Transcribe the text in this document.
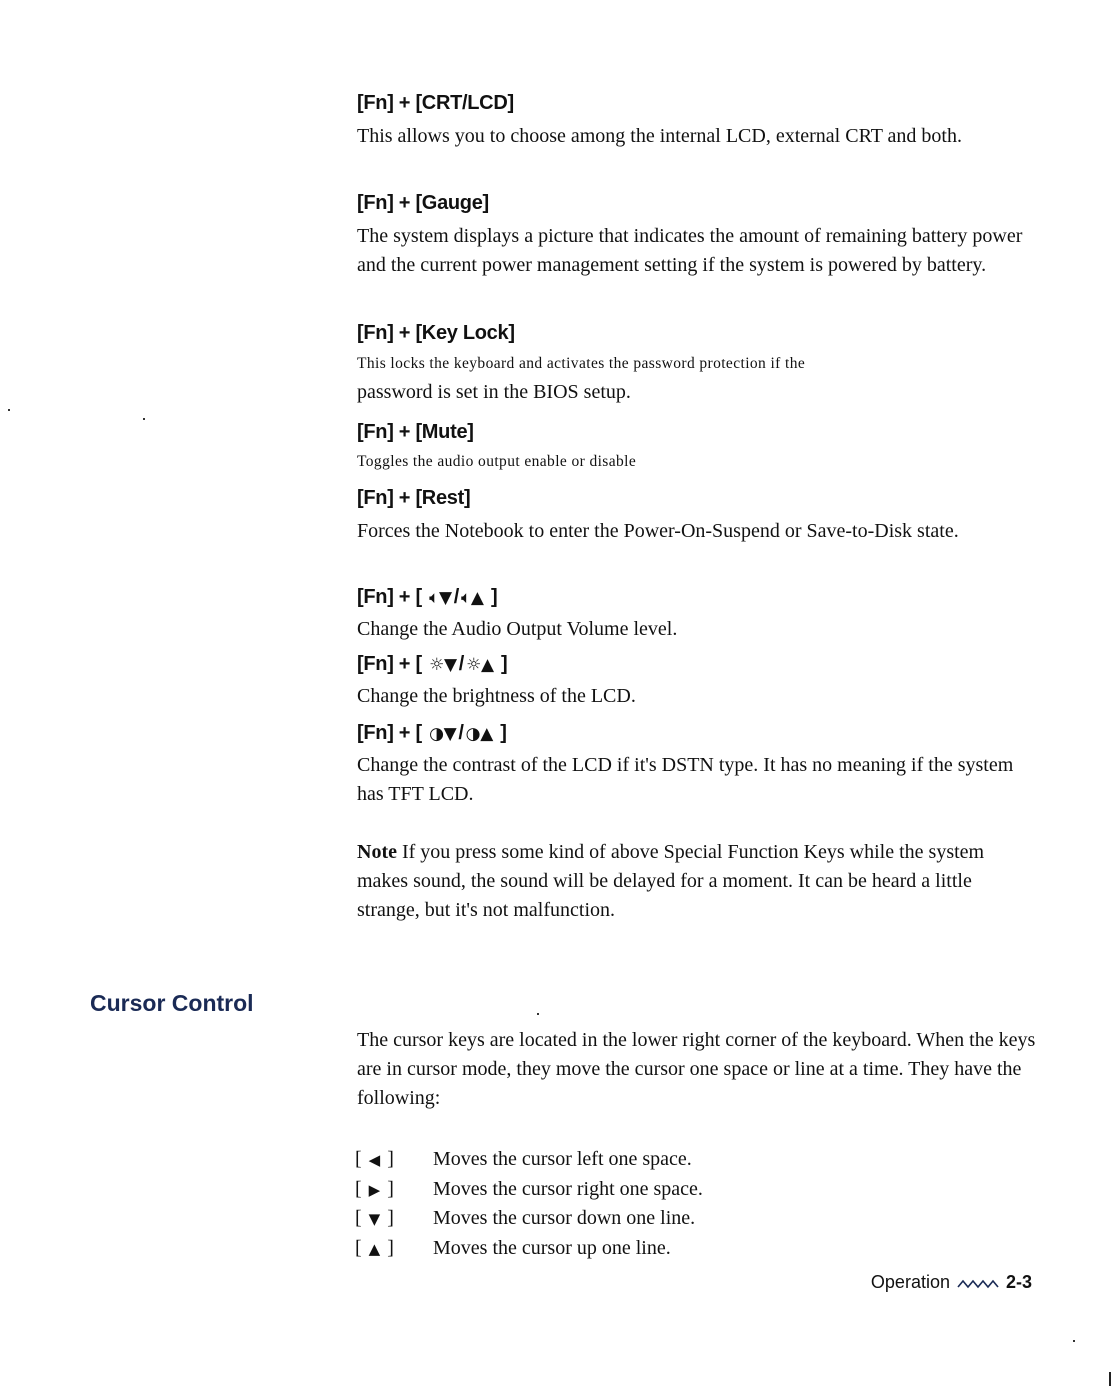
[Fn] + [CRT/LCD]
This allows you to choose among the internal LCD, external CRT and both.
[Fn] + [Gauge]
The system displays a picture that indicates the amount of remaining battery power and the current power management setting if the system is powered by battery.
[Fn] + [Key Lock]
This locks the keyboard and activates the password protection if the
password is set in the BIOS setup.
[Fn] + [Mute]
Toggles the audio output enable or disable
[Fn] + [Rest]
Forces the Notebook to enter the Power-On-Suspend or Save-to-Disk state.
[Fn] + [ 🔈︎▼ / 🔈︎▲ ]
Change the Audio Output Volume level.
[Fn] + [ ☼▼ / ☼▲ ]
Change the brightness of the LCD.
[Fn] + [ ◑▼ / ◑▲ ]
Change the contrast of the LCD if it's DSTN type. It has no meaning if the system has TFT LCD.
Note If you press some kind of above Special Function Keys while the system makes sound, the sound will be delayed for a moment. It can be heard a little strange, but it's not malfunction.
Cursor Control
The cursor keys are located in the lower right corner of the keyboard. When the keys are in cursor mode, they move the cursor one space or line at a time. They have the following:
[ ◀ ]	Moves the cursor left one space.
[ ▶ ]	Moves the cursor right one space.
[ ▼ ]	Moves the cursor down one line.
[ ▲ ]	Moves the cursor up one line.
Operation	2-3
